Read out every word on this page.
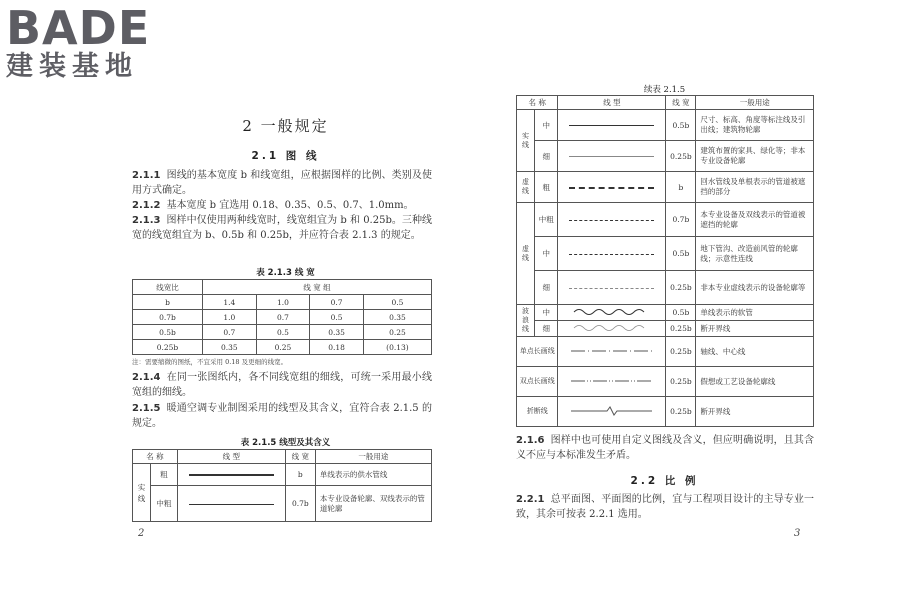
BADE
建装基地
2 一般规定
2.1 图 线
2.1.1 图线的基本宽度 b 和线宽组，应根据图样的比例、类别及使用方式确定。
2.1.2 基本宽度 b 宜选用 0.18、0.35、0.5、0.7、1.0mm。
2.1.3 图样中仅使用两种线宽时，线宽组宜为 b 和 0.25b。三种线宽的线宽组宜为 b、0.5b 和 0.25b，并应符合表 2.1.3 的规定。
表 2.1.3 线 宽
线宽比	线 宽 组			
b	1.4	1.0	0.7	0.5
0.7b	1.0	0.7	0.5	0.35
0.5b	0.7	0.5	0.35	0.25
0.25b	0.35	0.25	0.18	(0.13)
注：需要缩微的图纸，不宜采用 0.18 及更细的线宽。
2.1.4 在同一张图纸内，各不同线宽组的细线，可统一采用最小线宽组的细线。
2.1.5 暖通空调专业制图采用的线型及其含义，宜符合表 2.1.5 的规定。
表 2.1.5 线型及其含义
名 称		线 型	线 宽	一般用途
实线	粗		b	单线表示的供水管线
	中粗		0.7b	本专业设备轮廓、双线表示的管道轮廓
2
续表 2.1.5
名 称		线 型	线 宽	一般用途
实线	中		0.5b	尺寸、标高、角度等标注线及引出线；建筑物轮廓
	细		0.25b	建筑布置的家具、绿化等；非本专业设备轮廓
虚线	粗		b	回水管线及单根表示的管道被遮挡的部分
虚线	中粗		0.7b	本专业设备及双线表示的管道被遮挡的轮廓
	中		0.5b	地下管沟、改造前风管的轮廓线；示意性连线
	细		0.25b	非本专业虚线表示的设备轮廓等
波浪线	中		0.5b	单线表示的软管
	细		0.25b	断开界线
单点长画线			0.25b	轴线、中心线
双点长画线			0.25b	假想或工艺设备轮廓线
折断线			0.25b	断开界线
2.1.6 图样中也可使用自定义图线及含义，但应明确说明，且其含义不应与本标准发生矛盾。
2.2 比 例
2.2.1 总平面图、平面图的比例，宜与工程项目设计的主导专业一致，其余可按表 2.2.1 选用。
3
